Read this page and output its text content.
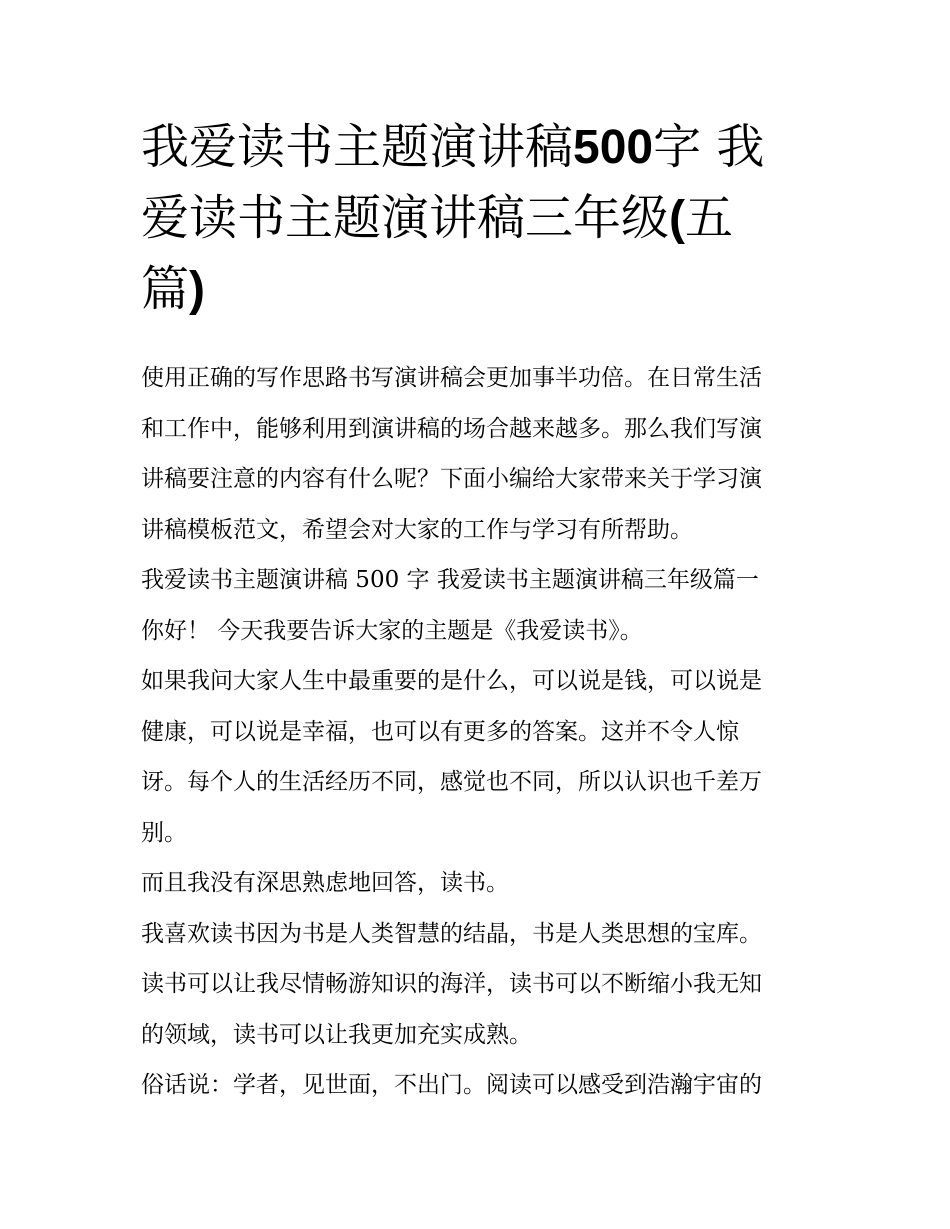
我爱读书主题演讲稿500字 我
爱读书主题演讲稿三年级(五
篇)

使用正确的写作思路书写演讲稿会更加事半功倍。在日常生活
和工作中，能够利用到演讲稿的场合越来越多。那么我们写演
讲稿要注意的内容有什么呢？下面小编给大家带来关于学习演
讲稿模板范文，希望会对大家的工作与学习有所帮助。

我爱读书主题演讲稿 500 字 我爱读书主题演讲稿三年级篇一

你好！ 今天我要告诉大家的主题是《我爱读书》。

如果我问大家人生中最重要的是什么，可以说是钱，可以说是
健康，可以说是幸福，也可以有更多的答案。这并不令人惊
讶。每个人的生活经历不同，感觉也不同，所以认识也千差万
别。

而且我没有深思熟虑地回答，读书。

我喜欢读书因为书是人类智慧的结晶，书是人类思想的宝库。
读书可以让我尽情畅游知识的海洋，读书可以不断缩小我无知
的领域，读书可以让我更加充实成熟。

俗话说：学者，见世面，不出门。阅读可以感受到浩瀚宇宙的
